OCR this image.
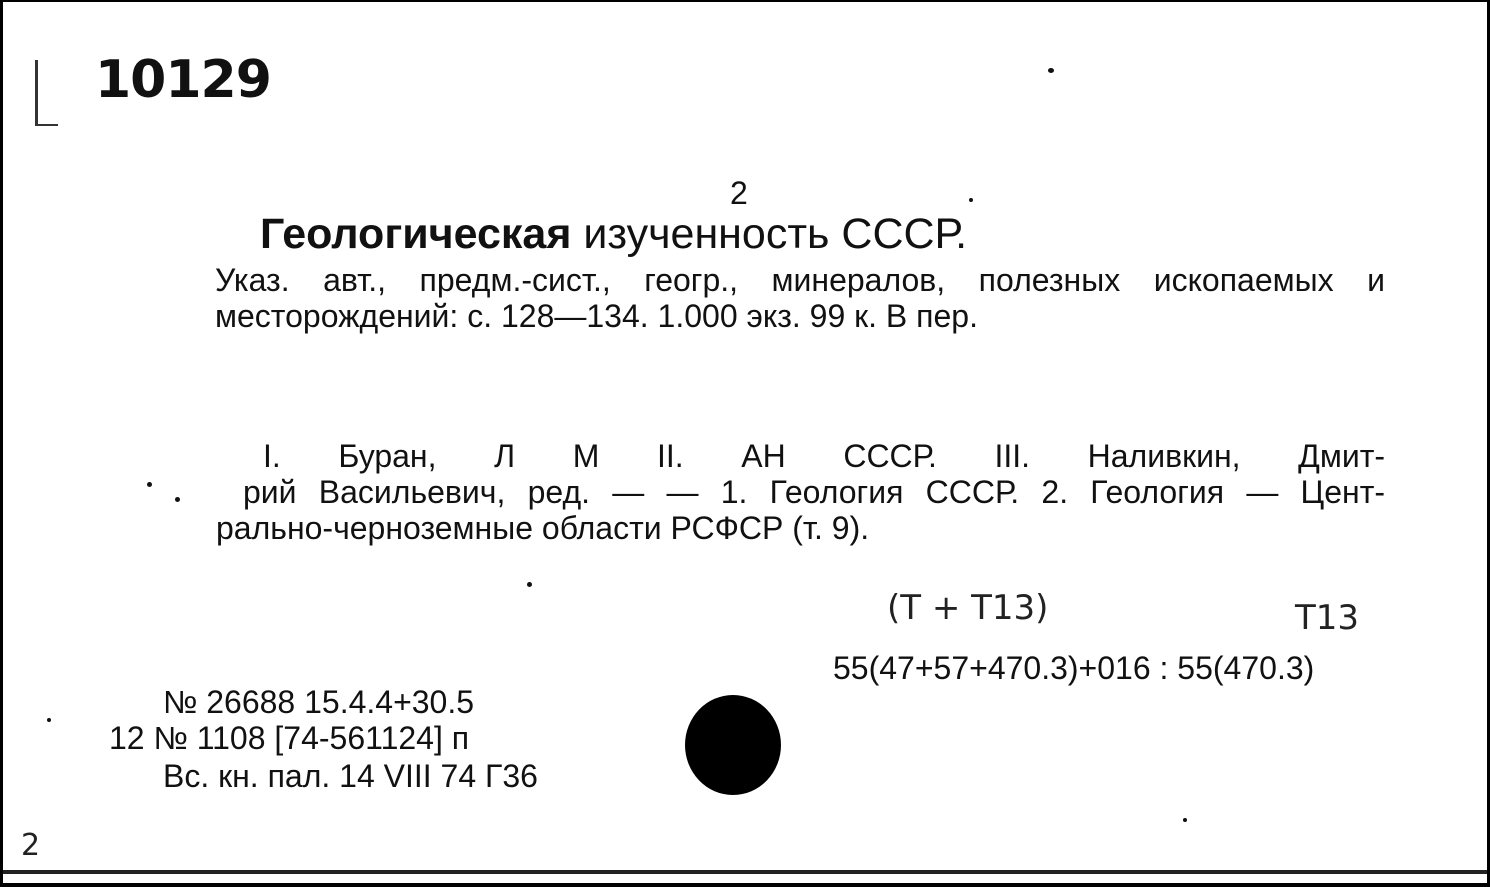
10129
2
Геологическая изученность СССР.
Указ. авт., предм.-сист., геогр., минералов, полезных ископаемых и
месторождений: с. 128—134. 1.000 экз. 99 к. В пер.
I. Буран, Л М II. АН СССР. III. Наливкин, Дмит-
рий Васильевич, ред. — — 1. Геология СССР. 2. Геология — Цент-
рально-черноземные области РСФСР (т. 9).
(Т + Т13)	Т13
55(47+57+470.3)+016 : 55(470.3)
№ 26688 15.4.4+30.5
12 № 1108 [74-561124] п
Вс. кн. пал. 14 VIII 74 Г36
2
